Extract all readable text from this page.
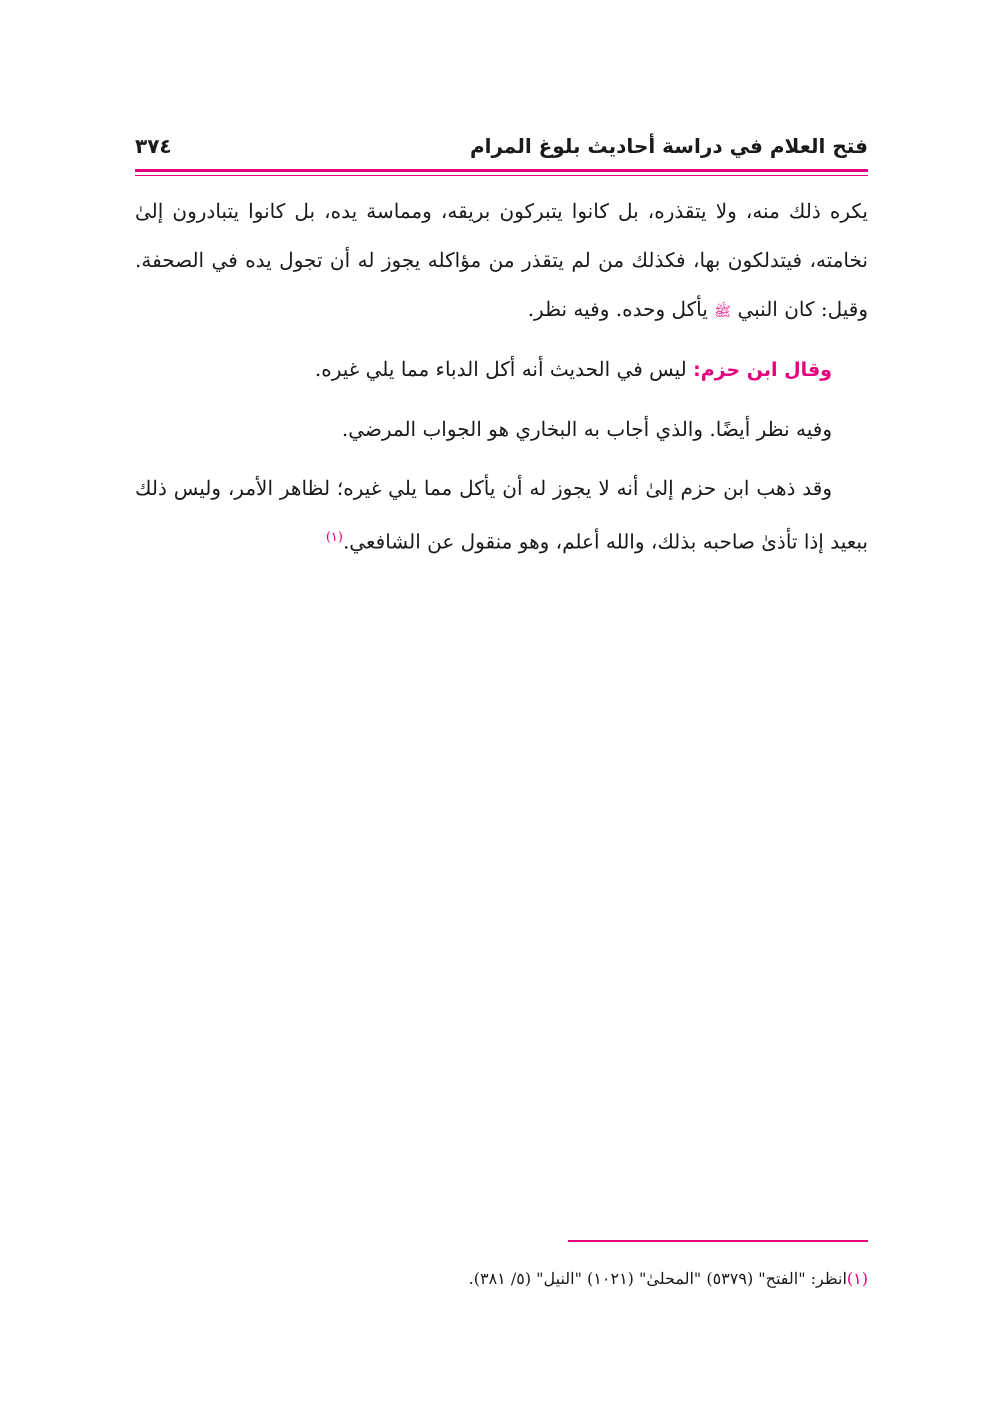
فتح العلام في دراسة أحاديث بلوغ المرام
٣٧٤

يكره ذلك منه، ولا يتقذره، بل كانوا يتبركون بريقه، ومماسة يده، بل كانوا يتبادرون إلىٰ نخامته، فيتدلكون بها، فكذلك من لم يتقذر من مؤاكله يجوز له أن تجول يده في الصحفة. وقيل: كان النبي ﷺ يأكل وحده. وفيه نظر.

وقال ابن حزم: ليس في الحديث أنه أكل الدباء مما يلي غيره.

وفيه نظر أيضًا. والذي أجاب به البخاري هو الجواب المرضي.

وقد ذهب ابن حزم إلىٰ أنه لا يجوز له أن يأكل مما يلي غيره؛ لظاهر الأمر، وليس ذلك ببعيد إذا تأذىٰ صاحبه بذلك، والله أعلم، وهو منقول عن الشافعي.$^{(١)}$

(١)انظر: "الفتح" (٥٣٧٩) "المحلىٰ" (١٠٢١) "النيل" (٥/ ٣٨١).
